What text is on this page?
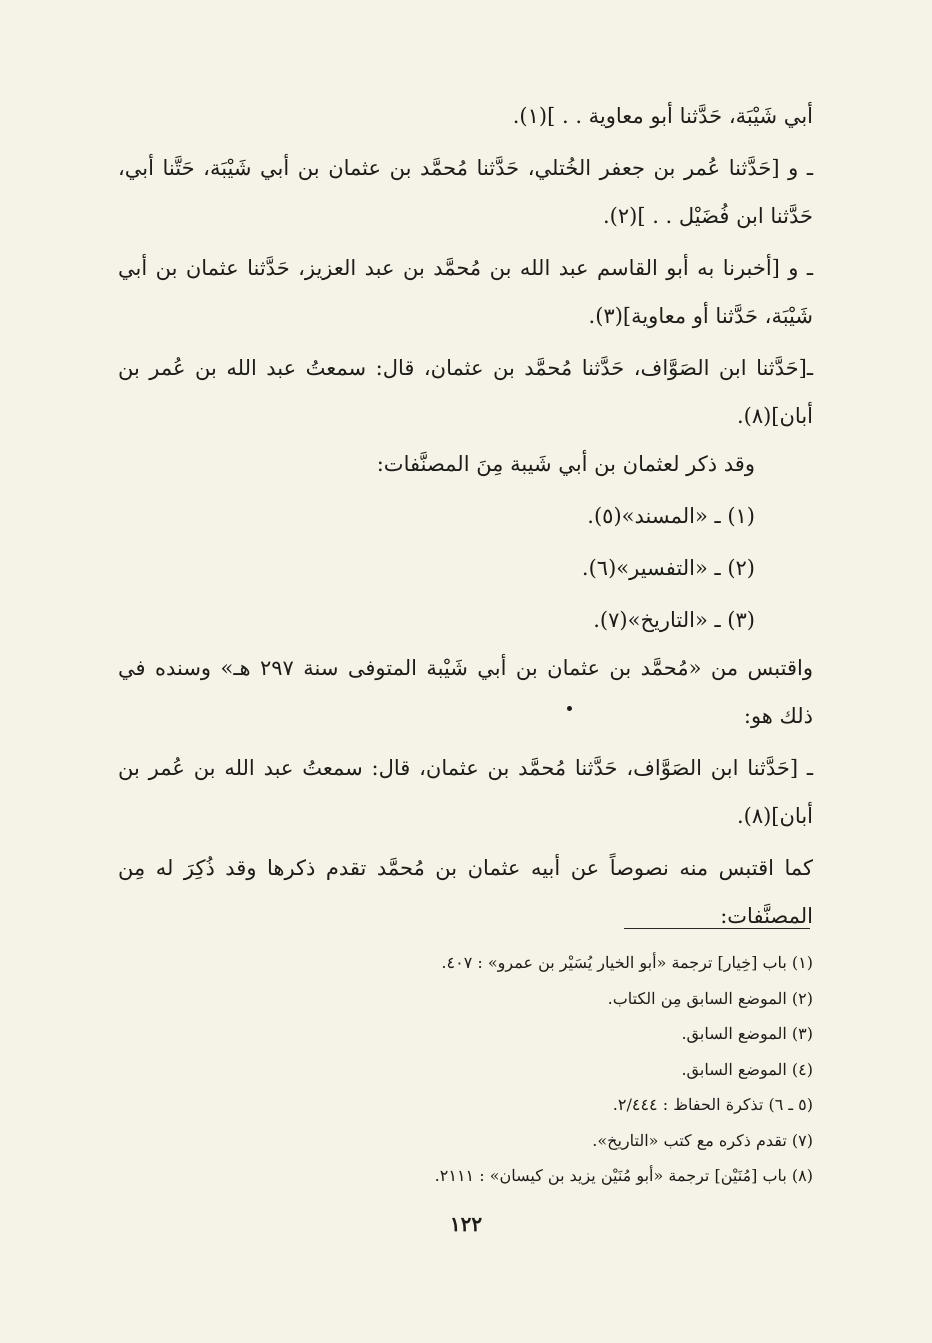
أبي شَيْبَة، حَدَّثنا أبو معاوية . . ](١).

ـ و [حَدَّثنا عُمر بن جعفر الخُتلي، حَدَّثنا مُحمَّد بن عثمان بن أبي شَيْبَة، حَتَّنا أبي، حَدَّثنا ابن فُضَيْل . . ](٢).

ـ و [أخبرنا به أبو القاسم عبد الله بن مُحمَّد بن عبد العزيز، حَدَّثنا عثمان بن أبي شَيْبَة، حَدَّثنا أو معاوية](٣).

ـ[حَدَّثنا ابن الصَوَّاف، حَدَّثنا مُحمَّد بن عثمان، قال: سمعتُ عبد الله بن عُمر بن أبان](٨).

وقد ذكر لعثمان بن أبي شَيبة مِنَ المصنَّفات:

(١) ـ «المسند»(٥).

(٢) ـ «التفسير»(٦).

(٣) ـ «التاريخ»(٧).

واقتبس من «مُحمَّد بن عثمان بن أبي شَيْبة المتوفى سنة ٢٩٧ هـ» وسنده في ذلك هو:

ـ [حَدَّثنا ابن الصَوَّاف، حَدَّثنا مُحمَّد بن عثمان، قال: سمعتُ عبد الله بن عُمر بن أبان](٨).

كما اقتبس منه نصوصاً عن أبيه عثمان بن مُحمَّد تقدم ذكرها وقد ذُكِرَ له مِن المصنَّفات:

(١) باب [خِيار] ترجمة «أبو الخيار يُسَيْر بن عمرو» : ٤٠٧.

(٢) الموضع السابق مِن الكتاب.

(٣) الموضع السابق.

(٤) الموضع السابق.

(٥ ـ ٦) تذكرة الحفاظ : ٢/٤٤٤.

(٧) تقدم ذكره مع كتب «التاريخ».

(٨) باب [مُنَيْن] ترجمة «أبو مُنَيْن يزيد بن كيسان» : ٢١١١.

١٢٢
